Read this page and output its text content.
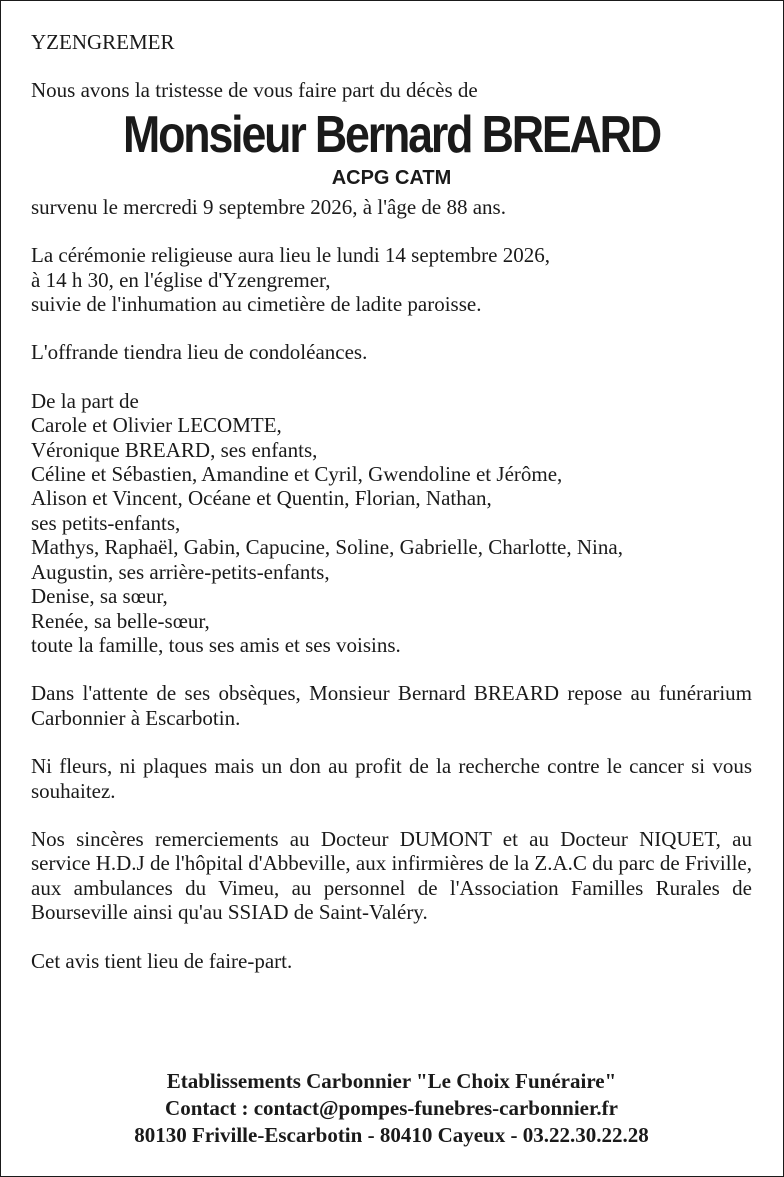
YZENGREMER
Nous avons la tristesse de vous faire part du décès de
Monsieur Bernard BREARD
ACPG CATM
survenu le mercredi 9 septembre 2026, à l'âge de 88 ans.
La cérémonie religieuse aura lieu le lundi 14 septembre 2026,
à 14 h 30, en l'église d'Yzengremer,
suivie de l'inhumation au cimetière de ladite paroisse.
L'offrande tiendra lieu de condoléances.
De la part de
Carole et Olivier LECOMTE,
Véronique BREARD, ses enfants,
Céline et Sébastien, Amandine et Cyril, Gwendoline et Jérôme,
Alison et Vincent, Océane et Quentin, Florian, Nathan,
ses petits-enfants,
Mathys, Raphaël, Gabin, Capucine, Soline, Gabrielle, Charlotte, Nina,
Augustin, ses arrière-petits-enfants,
Denise, sa sœur,
Renée, sa belle-sœur,
toute la famille, tous ses amis et ses voisins.
Dans l'attente de ses obsèques, Monsieur Bernard BREARD repose au funérarium Carbonnier à Escarbotin.
Ni fleurs, ni plaques mais un don au profit de la recherche contre le cancer si vous souhaitez.
Nos sincères remerciements au Docteur DUMONT et au Docteur NIQUET, au service H.D.J de l'hôpital d'Abbeville, aux infirmières de la Z.A.C du parc de Friville, aux ambulances du Vimeu, au personnel de l'Association Familles Rurales de Bourseville ainsi qu'au SSIAD de Saint-Valéry.
Cet avis tient lieu de faire-part.
Etablissements Carbonnier "Le Choix Funéraire"
Contact : contact@pompes-funebres-carbonnier.fr
80130 Friville-Escarbotin - 80410 Cayeux - 03.22.30.22.28
